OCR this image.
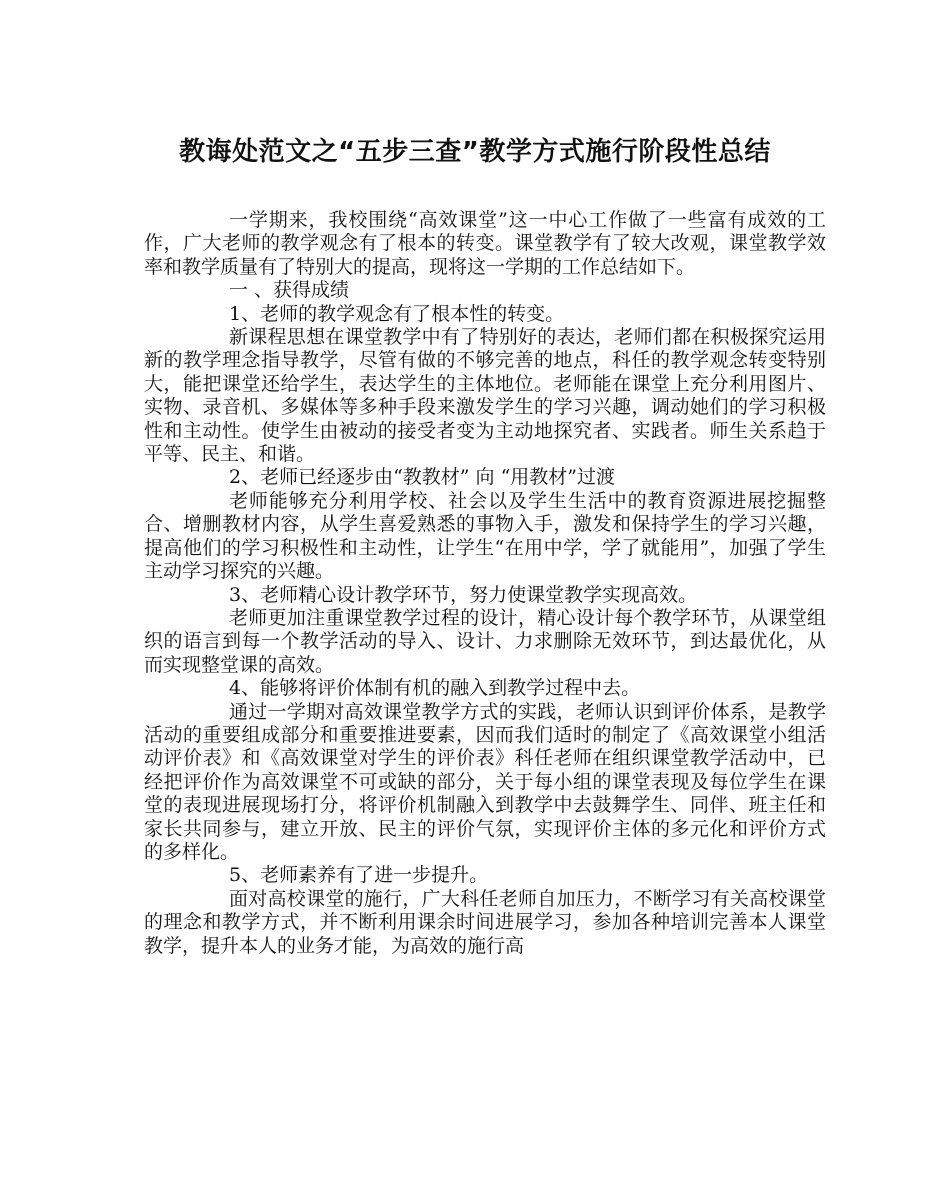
教诲处范文之“五步三查”教学方式施行阶段性总结

一学期来，我校围绕“高效课堂”这一中心工作做了一些富有成效的工作，广大老师的教学观念有了根本的转变。课堂教学有了较大改观，课堂教学效率和教学质量有了特别大的提高，现将这一学期的工作总结如下。

一 、获得成绩

1、老师的教学观念有了根本性的转变。

新课程思想在课堂教学中有了特别好的表达，老师们都在积极探究运用新的教学理念指导教学，尽管有做的不够完善的地点，科任的教学观念转变特别大，能把课堂还给学生，表达学生的主体地位。老师能在课堂上充分利用图片、实物、录音机、多媒体等多种手段来激发学生的学习兴趣，调动她们的学习积极性和主动性。使学生由被动的接受者变为主动地探究者、实践者。师生关系趋于平等、民主、和谐。

2、老师已经逐步由“教教材” 向 “用教材”过渡

老师能够充分利用学校、社会以及学生生活中的教育资源进展挖掘整合、增删教材内容，从学生喜爱熟悉的事物入手，激发和保持学生的学习兴趣，提高他们的学习积极性和主动性，让学生“在用中学，学了就能用”，加强了学生主动学习探究的兴趣。

3、老师精心设计教学环节，努力使课堂教学实现高效。

老师更加注重课堂教学过程的设计，精心设计每个教学环节，从课堂组织的语言到每一个教学活动的导入、设计、力求删除无效环节，到达最优化，从而实现整堂课的高效。

4、能够将评价体制有机的融入到教学过程中去。

通过一学期对高效课堂教学方式的实践，老师认识到评价体系，是教学活动的重要组成部分和重要推进要素，因而我们适时的制定了《高效课堂小组活动评价表》和《高效课堂对学生的评价表》科任老师在组织课堂教学活动中，已经把评价作为高效课堂不可或缺的部分，关于每小组的课堂表现及每位学生在课堂的表现进展现场打分，将评价机制融入到教学中去鼓舞学生、同伴、班主任和家长共同参与，建立开放、民主的评价气氛，实现评价主体的多元化和评价方式的多样化。

5、老师素养有了进一步提升。

面对高校课堂的施行，广大科任老师自加压力，不断学习有关高校课堂的理念和教学方式，并不断利用课余时间进展学习，参加各种培训完善本人课堂教学，提升本人的业务才能，为高效的施行高
